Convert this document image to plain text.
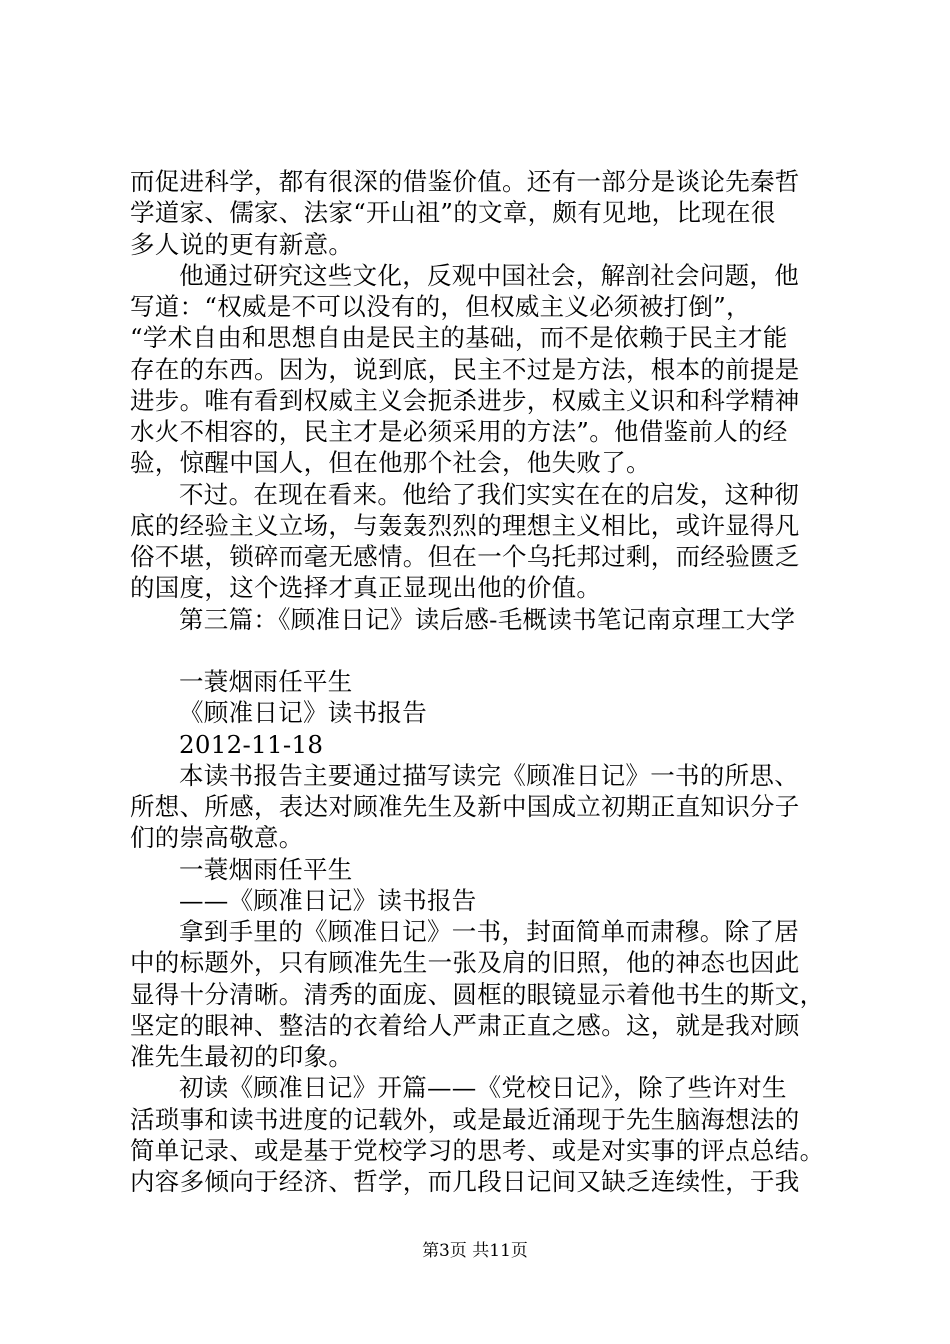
而促进科学，都有很深的借鉴价值。还有一部分是谈论先秦哲
学道家、儒家、法家“开山祖”的文章，颇有见地，比现在很
多人说的更有新意。
他通过研究这些文化，反观中国社会，解剖社会问题，他
写道：“权威是不可以没有的，但权威主义必须被打倒”，
“学术自由和思想自由是民主的基础，而不是依赖于民主才能
存在的东西。因为，说到底，民主不过是方法，根本的前提是
进步。唯有看到权威主义会扼杀进步，权威主义识和科学精神
水火不相容的，民主才是必须采用的方法”。他借鉴前人的经
验，惊醒中国人，但在他那个社会，他失败了。
不过。在现在看来。他给了我们实实在在的启发，这种彻
底的经验主义立场，与轰轰烈烈的理想主义相比，或许显得凡
俗不堪，锁碎而毫无感情。但在一个乌托邦过剩，而经验匮乏
的国度，这个选择才真正显现出他的价值。
第三篇：《顾准日记》读后感-毛概读书笔记南京理工大学
一蓑烟雨任平生
《顾准日记》读书报告
2012-11-18
本读书报告主要通过描写读完《顾准日记》一书的所思、
所想、所感，表达对顾准先生及新中国成立初期正直知识分子
们的崇高敬意。
一蓑烟雨任平生
——《顾准日记》读书报告
拿到手里的《顾准日记》一书，封面简单而肃穆。除了居
中的标题外，只有顾准先生一张及肩的旧照，他的神态也因此
显得十分清晰。清秀的面庞、圆框的眼镜显示着他书生的斯文，
坚定的眼神、整洁的衣着给人严肃正直之感。这，就是我对顾
准先生最初的印象。
初读《顾准日记》开篇——《党校日记》，除了些许对生
活琐事和读书进度的记载外，或是最近涌现于先生脑海想法的
简单记录、或是基于党校学习的思考、或是对实事的评点总结。
内容多倾向于经济、哲学，而几段日记间又缺乏连续性，于我
第3页 共11页
